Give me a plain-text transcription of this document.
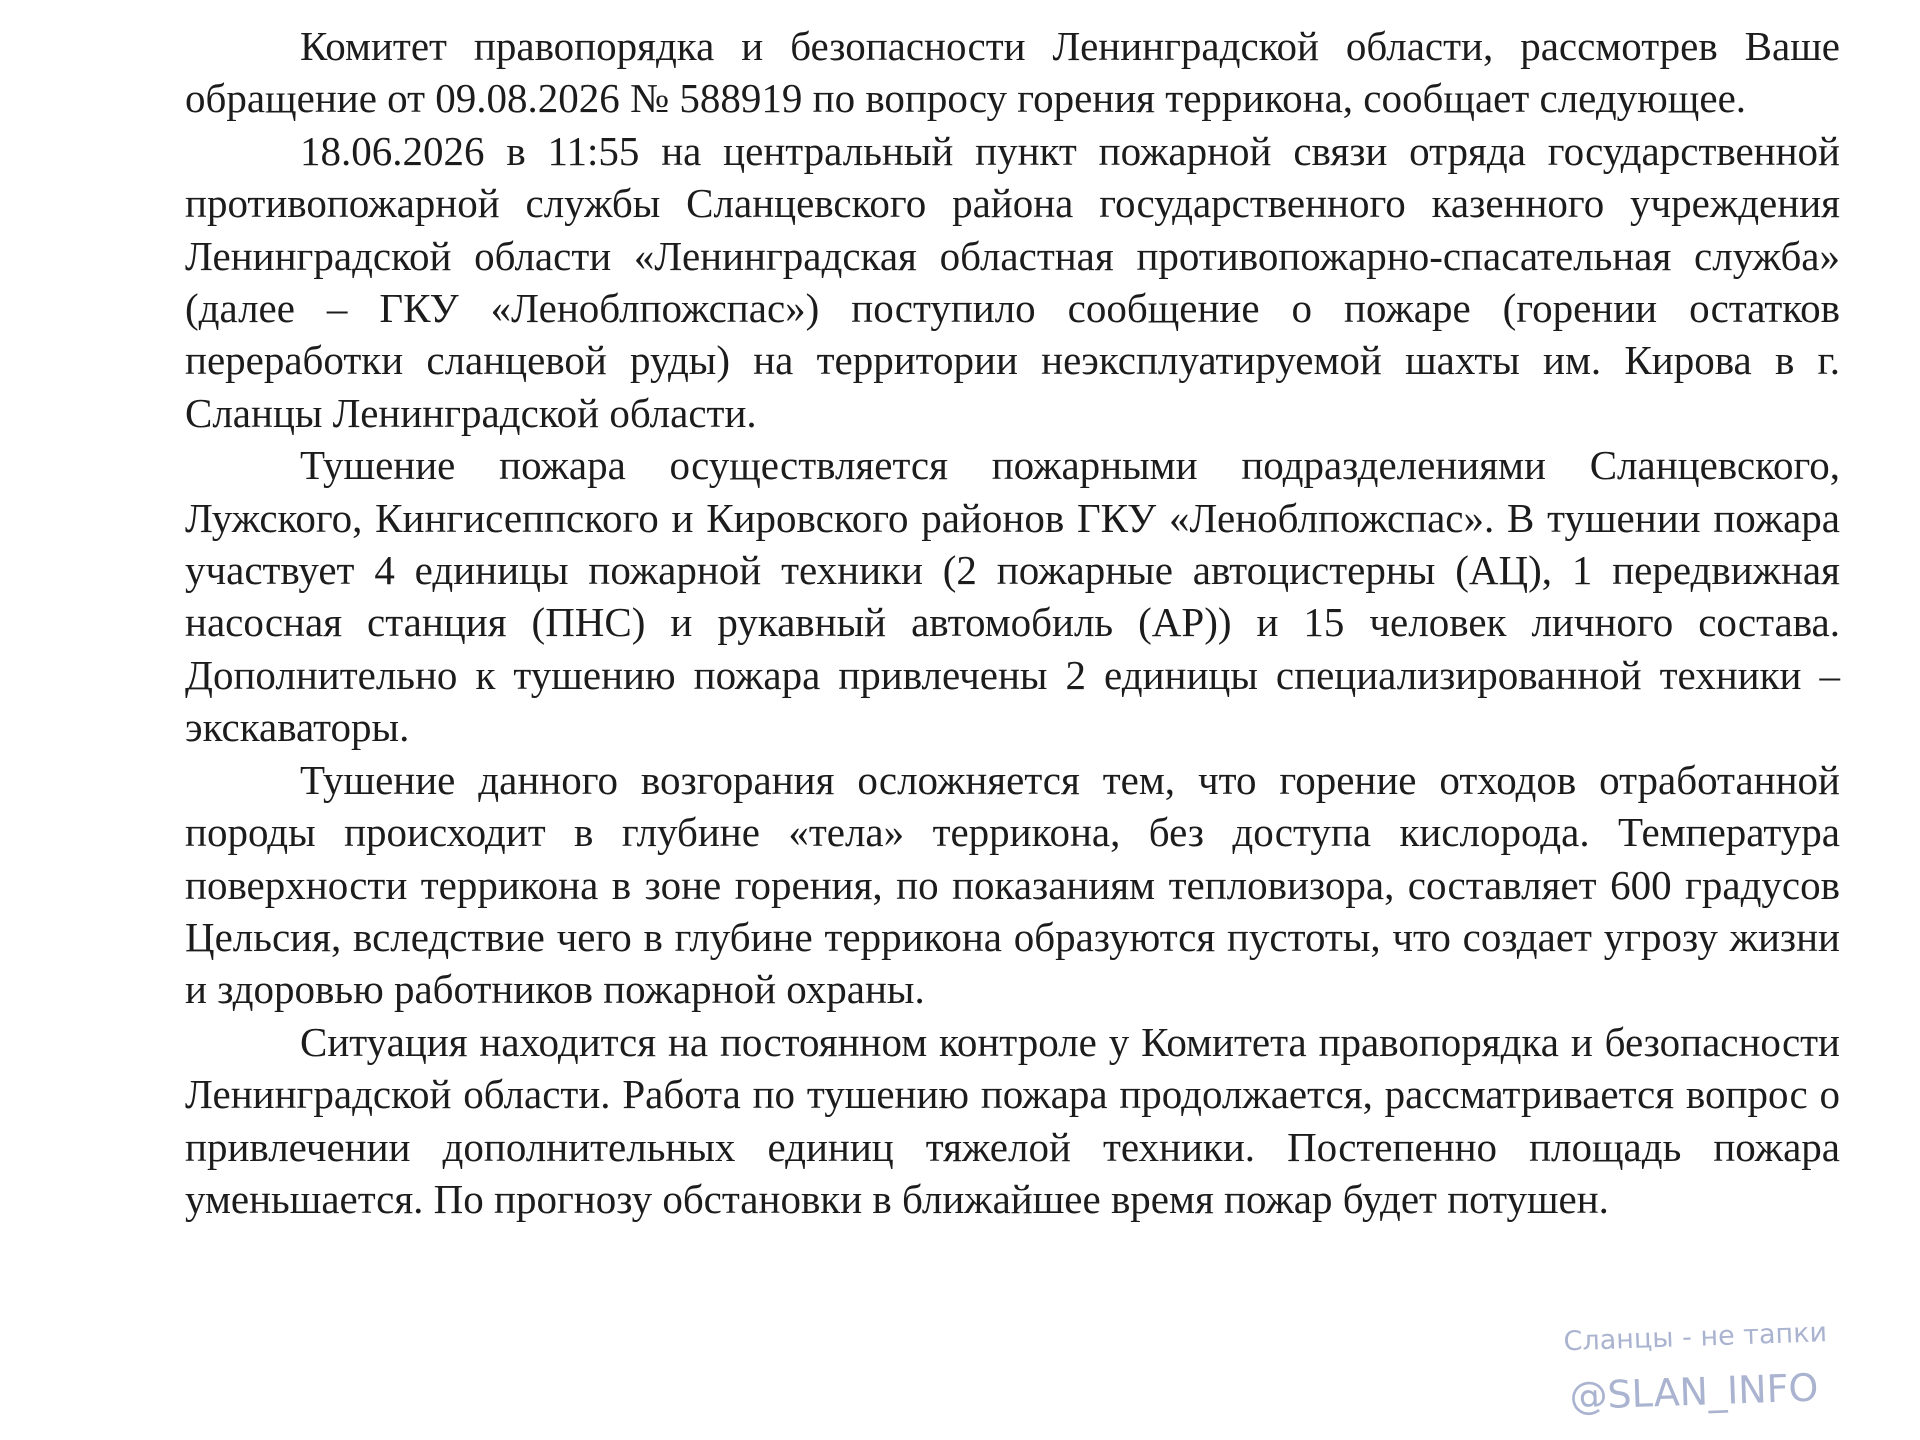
Комитет правопорядка и безопасности Ленинградской области, рассмотрев Ваше обращение от 09.08.2026 № 588919 по вопросу горения террикона, сообщает следующее.

18.06.2026 в 11:55 на центральный пункт пожарной связи отряда государственной противопожарной службы Сланцевского района государственного казенного учреждения Ленинградской области «Ленинградская областная противопожарно-спасательная служба» (далее – ГКУ «Леноблпожспас») поступило сообщение о пожаре (горении остатков переработки сланцевой руды) на территории неэксплуатируемой шахты им. Кирова в г. Сланцы Ленинградской области.

Тушение пожара осуществляется пожарными подразделениями Сланцевского, Лужского, Кингисеппского и Кировского районов ГКУ «Леноблпожспас». В тушении пожара участвует 4 единицы пожарной техники (2 пожарные автоцистерны (АЦ), 1 передвижная насосная станция (ПНС) и рукавный автомобиль (АР)) и 15 человек личного состава. Дополнительно к тушению пожара привлечены 2 единицы специализированной техники – экскаваторы.

Тушение данного возгорания осложняется тем, что горение отходов отработанной породы происходит в глубине «тела» террикона, без доступа кислорода. Температура поверхности террикона в зоне горения, по показаниям тепловизора, составляет 600 градусов Цельсия, вследствие чего в глубине террикона образуются пустоты, что создает угрозу жизни и здоровью работников пожарной охраны.

Ситуация находится на постоянном контроле у Комитета правопорядка и безопасности Ленинградской области. Работа по тушению пожара продолжается, рассматривается вопрос о привлечении дополнительных единиц тяжелой техники. Постепенно площадь пожара уменьшается. По прогнозу обстановки в ближайшее время пожар будет потушен.

Сланцы - не тапки
@SLAN_INFO
